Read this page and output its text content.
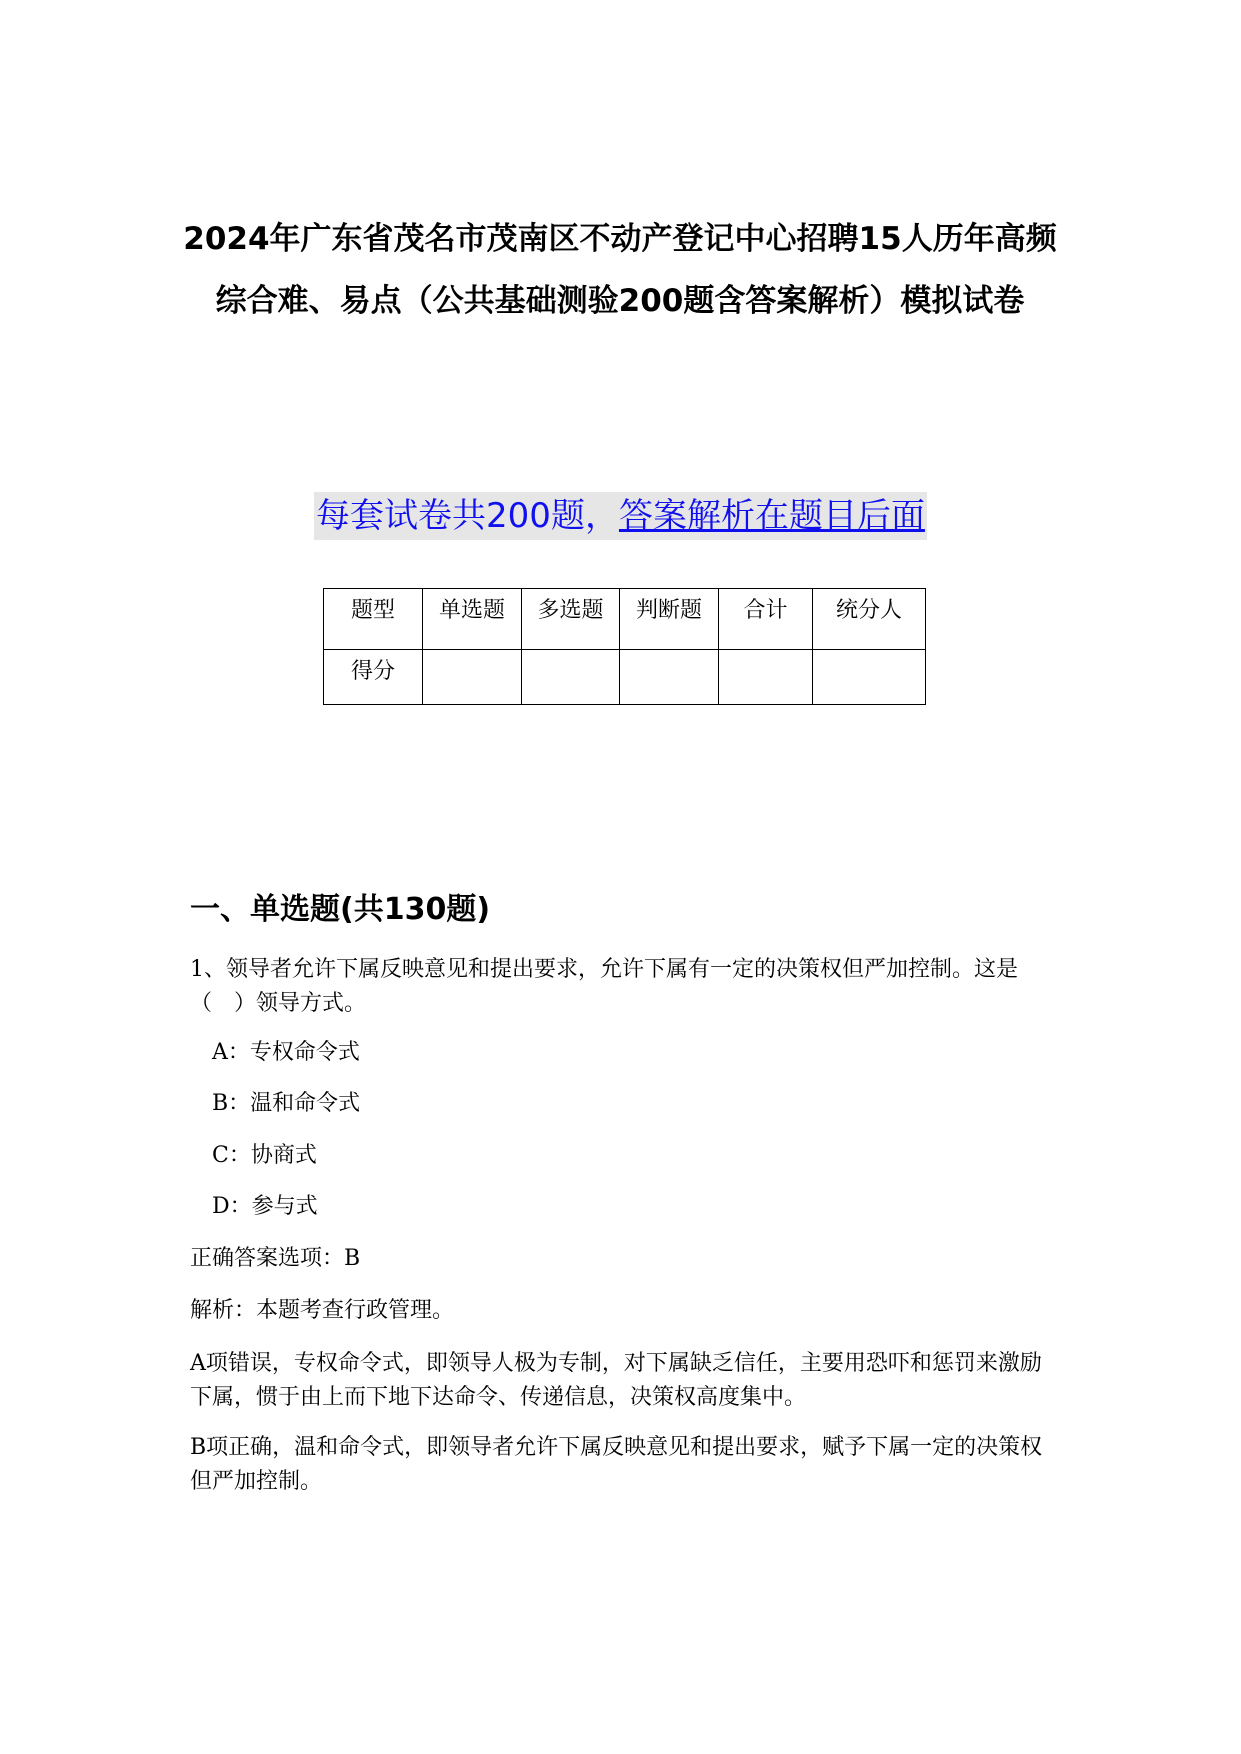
2024年广东省茂名市茂南区不动产登记中心招聘15人历年高频综合难、易点（公共基础测验200题含答案解析）模拟试卷
每套试卷共200题，答案解析在题目后面
题型	单选题	多选题	判断题	合计	统分人
得分					
一、单选题(共130题)
1、领导者允许下属反映意见和提出要求，允许下属有一定的决策权但严加控制。这是（　）领导方式。
A：专权命令式
B：温和命令式
C：协商式
D：参与式
正确答案选项：B
解析：本题考查行政管理。
A项错误，专权命令式，即领导人极为专制，对下属缺乏信任，主要用恐吓和惩罚来激励下属，惯于由上而下地下达命令、传递信息，决策权高度集中。
B项正确，温和命令式，即领导者允许下属反映意见和提出要求，赋予下属一定的决策权但严加控制。
